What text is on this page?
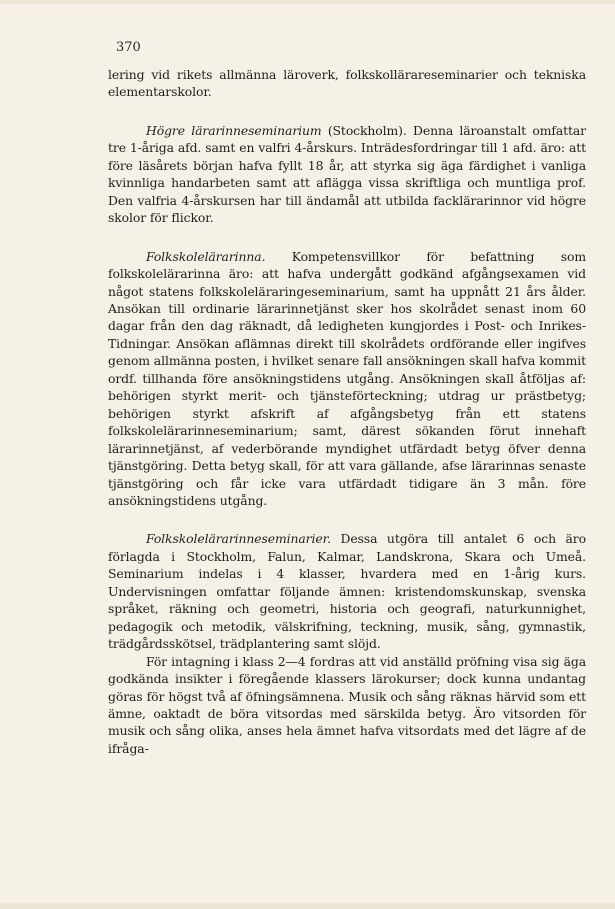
370

lering vid rikets allmänna läroverk, folkskollärareseminarier och tekniska elementarskolor.

Högre lärarinneseminarium (Stockholm). Denna läroanstalt omfattar tre 1-åriga afd. samt en valfri 4-årskurs. Inträdesfordringar till 1 afd. äro: att före läsårets början hafva fyllt 18 år, att styrka sig äga färdighet i vanliga kvinnliga handarbeten samt att aflägga vissa skriftliga och muntliga prof. Den valfria 4-årskursen har till ändamål att utbilda facklärarinnor vid högre skolor för flickor.

Folkskolelärarinna. Kompetensvillkor för befattning som folkskolelärarinna äro: att hafva undergått godkänd afgångsexamen vid något statens folkskoleläraringeseminarium, samt ha uppnått 21 års ålder. Ansökan till ordinarie lärarinnetjänst sker hos skolrådet senast inom 60 dagar från den dag räknadt, då ledigheten kungjordes i Post- och Inrikes-Tidningar. Ansökan aflämnas direkt till skolrådets ordförande eller ingifves genom allmänna posten, i hvilket senare fall ansökningen skall hafva kommit ordf. tillhanda före ansökningstidens utgång. Ansökningen skall åtföljas af: behörigen styrkt merit- och tjänsteförteckning; utdrag ur prästbetyg; behörigen styrkt afskrift af afgångsbetyg från ett statens folkskolelärarinneseminarium; samt, därest sökanden förut innehaft lärarinnetjänst, af vederbörande myndighet utfärdadt betyg öfver denna tjänstgöring. Detta betyg skall, för att vara gällande, afse lärarinnas senaste tjänstgöring och får icke vara utfärdadt tidigare än 3 mån. före ansökningstidens utgång.

Folkskolelärarinneseminarier. Dessa utgöra till antalet 6 och äro förlagda i Stockholm, Falun, Kalmar, Landskrona, Skara och Umeå. Seminarium indelas i 4 klasser, hvardera med en 1-årig kurs. Undervisningen omfattar följande ämnen: kristendomskunskap, svenska språket, räkning och geometri, historia och geografi, naturkunnighet, pedagogik och metodik, välskrifning, teckning, musik, sång, gymnastik, trädgårdsskötsel, trädplantering samt slöjd.

För intagning i klass 2—4 fordras att vid anställd pröfning visa sig äga godkända insikter i föregående klassers lärokurser; dock kunna undantag göras för högst två af öfningsämnena. Musik och sång räknas härvid som ett ämne, oaktadt de böra vitsordas med särskilda betyg. Äro vitsorden för musik och sång olika, anses hela ämnet hafva vitsordats med det lägre af de ifråga-
